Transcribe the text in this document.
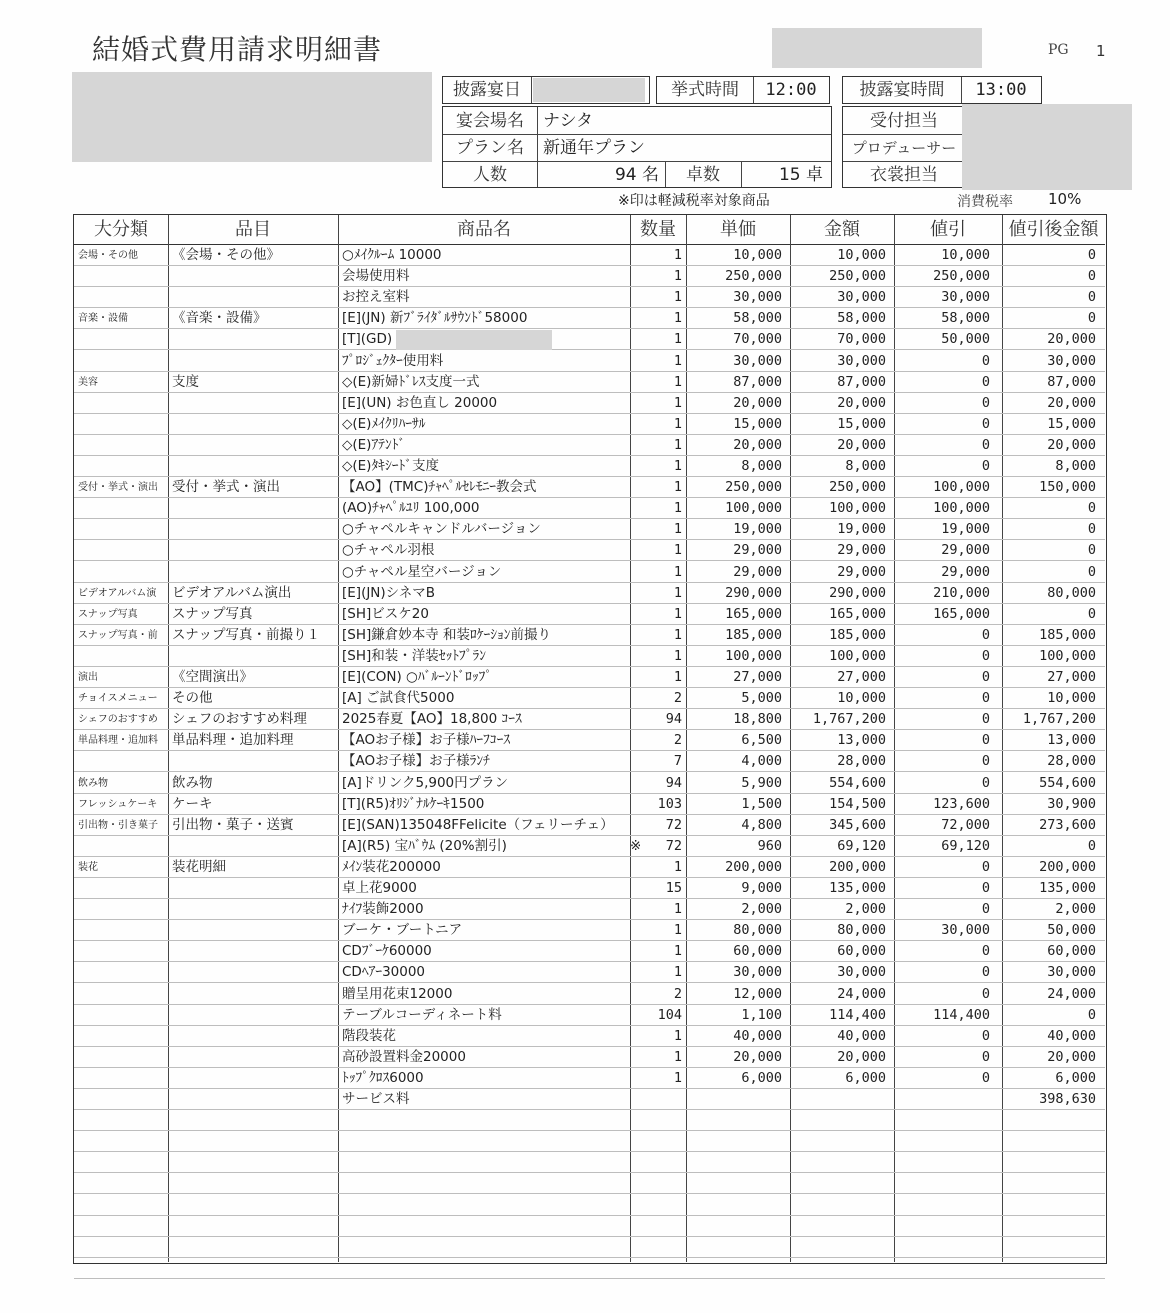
結婚式費用請求明細書	PG 1
披露宴日	挙式時間	12:00	披露宴時間	13:00
宴会場名	ナシタ
プラン名	新通年プラン
人数	94 名	卓数	15 卓
受付担当
プロデューサー
衣裳担当
※印は軽減税率対象商品	消費税率 10%
大分類	品目	商品名	数量	単価	金額	値引	値引後金額
会場・その他	《会場・その他》	○ﾒｲｸﾙｰﾑ 10000	1	10,000	10,000	10,000	0
会場使用料	1	250,000	250,000	250,000	0
お控え室料	1	30,000	30,000	30,000	0
音楽・設備	《音楽・設備》	[E](JN) 新ﾌﾞﾗｲﾀﾞﾙｻｳﾝﾄﾞ58000	1	58,000	58,000	58,000	0
[T](GD)	1	70,000	70,000	50,000	20,000
ﾌﾟﾛｼﾞｪｸﾀｰ使用料	1	30,000	30,000	0	30,000
美容	支度	◇(E)新婦ﾄﾞﾚｽ支度一式	1	87,000	87,000	0	87,000
[E](UN) お色直し 20000	1	20,000	20,000	0	20,000
◇(E)ﾒｲｸﾘﾊｰｻﾙ	1	15,000	15,000	0	15,000
◇(E)ｱﾃﾝﾄﾞ	1	20,000	20,000	0	20,000
◇(E)ﾀｷｼｰﾄﾞ支度	1	8,000	8,000	0	8,000
受付・挙式・演出	受付・挙式・演出	【AO】(TMC)ﾁｬﾍﾟﾙｾﾚﾓﾆｰ教会式	1	250,000	250,000	100,000	150,000
(AO)ﾁｬﾍﾟﾙﾕﾘ 100,000	1	100,000	100,000	100,000	0
○チャペルキャンドルバージョン	1	19,000	19,000	19,000	0
○チャペル羽根	1	29,000	29,000	29,000	0
○チャペル星空バージョン	1	29,000	29,000	29,000	0
ビデオアルバム演	ビデオアルバム演出	[E](JN)シネマB	1	290,000	290,000	210,000	80,000
スナップ写真	スナップ写真	[SH]ビスケ20	1	165,000	165,000	165,000	0
スナップ写真・前	スナップ写真・前撮り１	[SH]鎌倉妙本寺 和装ﾛｹｰｼｮﾝ前撮り	1	185,000	185,000	0	185,000
[SH]和装・洋装ｾｯﾄﾌﾟﾗﾝ	1	100,000	100,000	0	100,000
演出	《空間演出》	[E](CON) ○ﾊﾞﾙｰﾝﾄﾞﾛｯﾌﾟ	1	27,000	27,000	0	27,000
チョイスメニュー	その他	[A] ご試食代5000	2	5,000	10,000	0	10,000
シェフのおすすめ	シェフのおすすめ料理	2025春夏【AO】18,800 ｺｰｽ	94	18,800	1,767,200	0	1,767,200
単品料理・追加料	単品料理・追加料理	【AOお子様】お子様ﾊｰﾌｺｰｽ	2	6,500	13,000	0	13,000
【AOお子様】お子様ﾗﾝﾁ	7	4,000	28,000	0	28,000
飲み物	飲み物	[A]ドリンク5,900円プラン	94	5,900	554,600	0	554,600
フレッシュケーキ	ケーキ	[T](R5)ｵﾘｼﾞﾅﾙｹｰｷ1500	103	1,500	154,500	123,600	30,900
引出物・引き菓子	引出物・菓子・送賓	[E](SAN)135048FFelicite（フェリーチェ）	72	4,800	345,600	72,000	273,600
[A](R5) 宝ﾊﾞｳﾑ (20%割引)	※	72	960	69,120	69,120	0
装花	装花明細	ﾒｲﾝ装花200000	1	200,000	200,000	0	200,000
卓上花9000	15	9,000	135,000	0	135,000
ﾅｲﾌ装飾2000	1	2,000	2,000	0	2,000
ブーケ・ブートニア	1	80,000	80,000	30,000	50,000
CDﾌﾞｰｹ60000	1	60,000	60,000	0	60,000
CDﾍｱｰ30000	1	30,000	30,000	0	30,000
贈呈用花束12000	2	12,000	24,000	0	24,000
テーブルコーディネート料	104	1,100	114,400	114,400	0
階段装花	1	40,000	40,000	0	40,000
高砂設置料金20000	1	20,000	20,000	0	20,000
ﾄｯﾌﾟｸﾛｽ6000	1	6,000	6,000	0	6,000
サービス料	398,630
